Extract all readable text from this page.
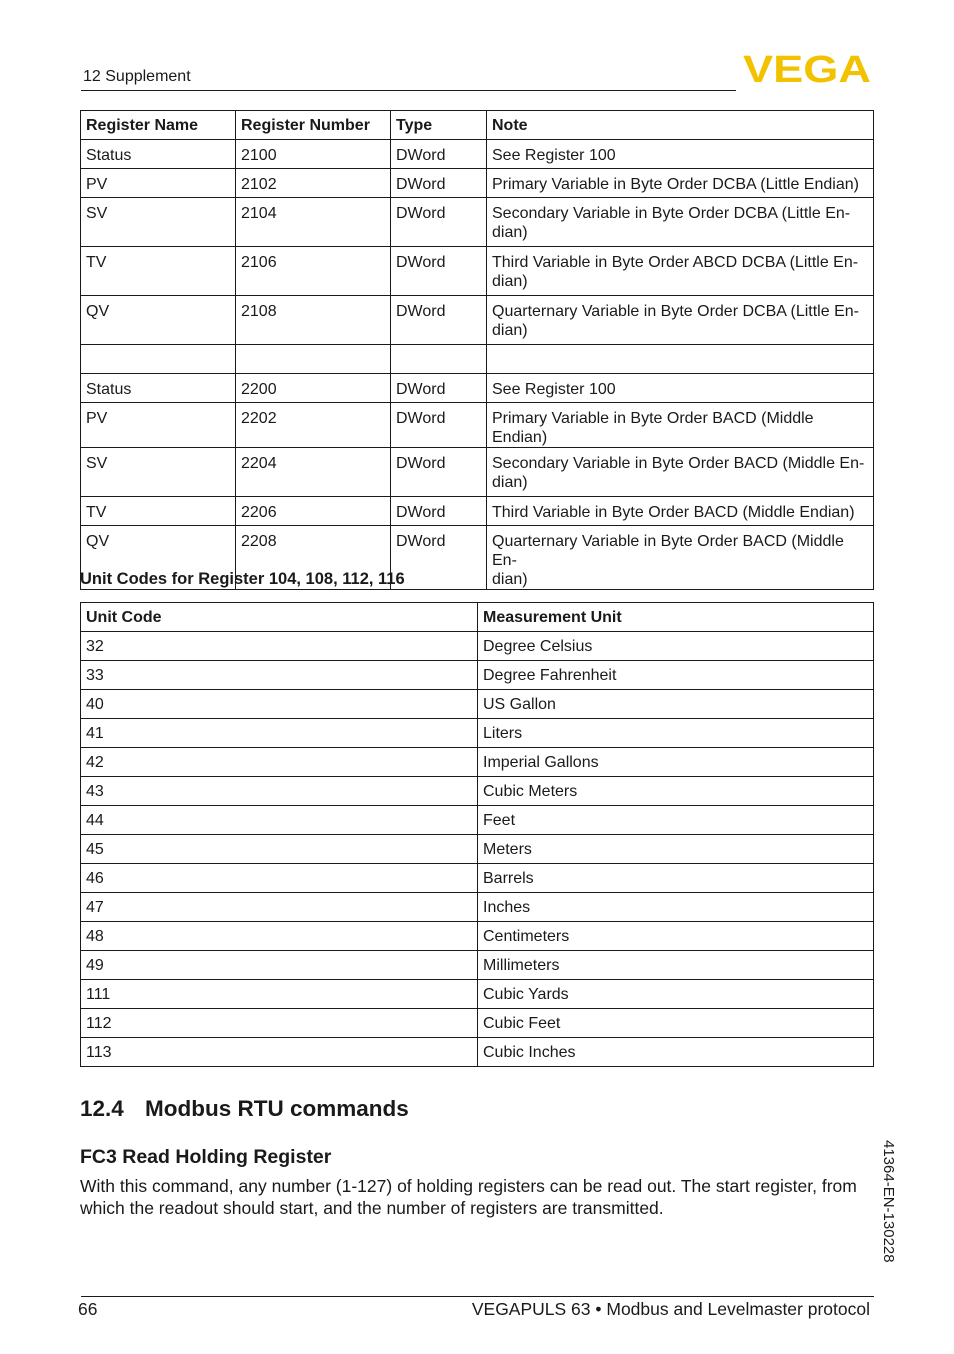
12 Supplement	VEGA
Register Name	Register Number	Type	Note
Status	2100	DWord	See Register 100
PV	2102	DWord	Primary Variable in Byte Order DCBA (Little Endian)
SV	2104	DWord	Secondary Variable in Byte Order DCBA (Little En-
dian)
TV	2106	DWord	Third Variable in Byte Order ABCD DCBA (Little En-
dian)
QV	2108	DWord	Quarternary Variable in Byte Order DCBA (Little En-
dian)

Status	2200	DWord	See Register 100
PV	2202	DWord	Primary Variable in Byte Order BACD (Middle Endian)
SV	2204	DWord	Secondary Variable in Byte Order BACD (Middle En-
dian)
TV	2206	DWord	Third Variable in Byte Order BACD (Middle Endian)
QV	2208	DWord	Quarternary Variable in Byte Order BACD (Middle En-
dian)
Unit Codes for Register 104, 108, 112, 116
Unit Code	Measurement Unit
32	Degree Celsius
33	Degree Fahrenheit
40	US Gallon
41	Liters
42	Imperial Gallons
43	Cubic Meters
44	Feet
45	Meters
46	Barrels
47	Inches
48	Centimeters
49	Millimeters
111	Cubic Yards
112	Cubic Feet
113	Cubic Inches
12.4 Modbus RTU commands
FC3 Read Holding Register
With this command, any number (1-127) of holding registers can be read out. The start register, from which the readout should start, and the number of registers are transmitted.	41364-EN-130228
66	VEGAPULS 63 • Modbus and Levelmaster protocol
